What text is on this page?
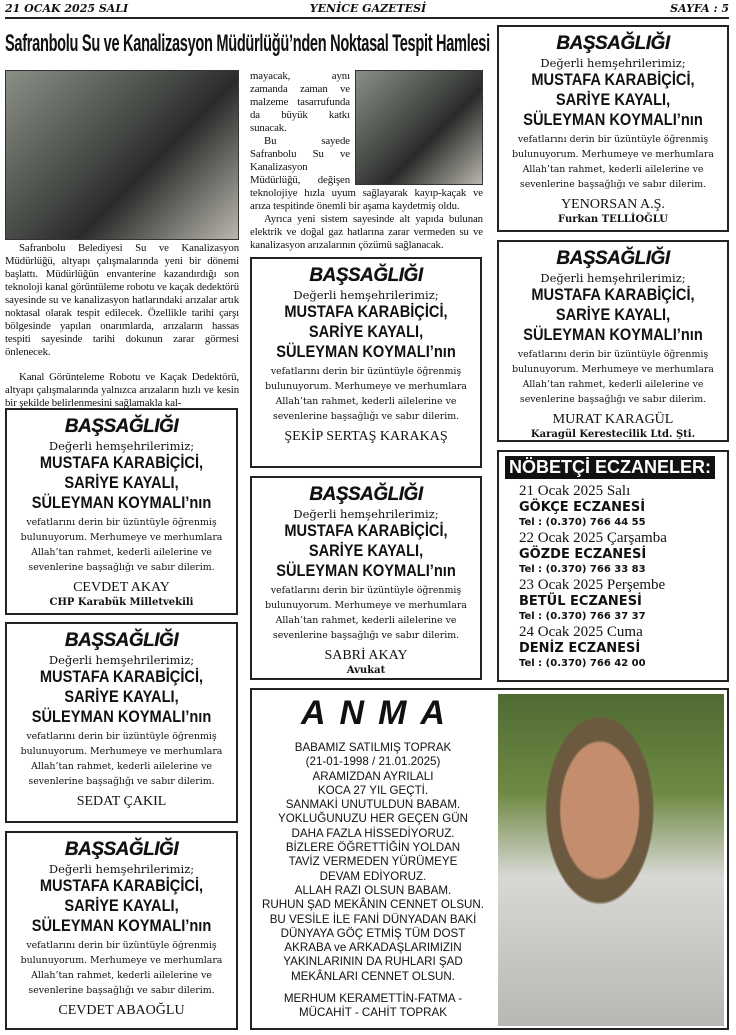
21 OCAK 2025 SALI	YENİCE GAZETESİ	SAYFA : 5
Safranbolu Su ve Kanalizasyon Müdürlüğü’nden Noktasal Tespit Hamlesi

Safranbolu Belediyesi Su ve Kanalizasyon Müdürlüğü, altyapı çalışmalarında yeni bir dönemi başlattı. Müdürlüğün envanterine kazandırdığı son teknoloji kanal görüntüleme robotu ve kaçak dedektörü sayesinde su ve kanalizasyon hatlarındaki arızalar artık noktasal olarak tespit edilecek. Özellikle tarihi çarşı bölgesinde yapılan onarımlarda, arızaların hassas tespiti sayesinde tarihi dokunun zarar görmesi önlenecek.

Kanal Görünteleme Robotu ve Kaçak Dedektörü, altyapı çalışmalarında yalnızca arızaların hızlı ve kesin bir şekilde belirlenmesini sağlamakla kal-

mayacak, aynı zamanda zaman ve malzeme tasarrufunda da büyük katkı sunacak.

Bu sayede Safranbolu Su ve Kanalizasyon Müdürlüğü, değişen teknolojiye hızla uyum sağlayarak kayıp-kaçak ve arıza tespitinde önemli bir aşama kaydetmiş oldu.

Ayrıca yeni sistem sayesinde alt yapıda bulunan elektrik ve doğal gaz hatlarına zarar vermeden su ve kanalizasyon arızalarının çözümü sağlanacak.

BAŞSAĞLIĞI
Değerli hemşehrilerimiz;
MUSTAFA KARABİÇİCİ,
SARİYE KAYALI,
SÜLEYMAN KOYMALI’nın
vefatlarını derin bir üzüntüyle öğrenmiş
bulunuyorum. Merhumeye ve merhumlara
Allah’tan rahmet, kederli ailelerine ve
sevenlerine başsağlığı ve sabır dilerim.
YENORSAN A.Ş.
Furkan TELLİOĞLU
BAŞSAĞLIĞI
Değerli hemşehrilerimiz;
MUSTAFA KARABİÇİCİ,
SARİYE KAYALI,
SÜLEYMAN KOYMALI’nın
vefatlarını derin bir üzüntüyle öğrenmiş
bulunuyorum. Merhumeye ve merhumlara
Allah’tan rahmet, kederli ailelerine ve
sevenlerine başsağlığı ve sabır dilerim.
MURAT KARAGÜL
Karagül Kerestecilik Ltd. Şti.
BAŞSAĞLIĞI
Değerli hemşehrilerimiz;
MUSTAFA KARABİÇİCİ,
SARİYE KAYALI,
SÜLEYMAN KOYMALI’nın
vefatlarını derin bir üzüntüyle öğrenmiş
bulunuyorum. Merhumeye ve merhumlara
Allah’tan rahmet, kederli ailelerine ve
sevenlerine başsağlığı ve sabır dilerim.
ŞEKİP SERTAŞ KARAKAŞ
BAŞSAĞLIĞI
Değerli hemşehrilerimiz;
MUSTAFA KARABİÇİCİ,
SARİYE KAYALI,
SÜLEYMAN KOYMALI’nın
vefatlarını derin bir üzüntüyle öğrenmiş
bulunuyorum. Merhumeye ve merhumlara
Allah’tan rahmet, kederli ailelerine ve
sevenlerine başsağlığı ve sabır dilerim.
SABRİ AKAY
Avukat
BAŞSAĞLIĞI
Değerli hemşehrilerimiz;
MUSTAFA KARABİÇİCİ,
SARİYE KAYALI,
SÜLEYMAN KOYMALI’nın
vefatlarını derin bir üzüntüyle öğrenmiş
bulunuyorum. Merhumeye ve merhumlara
Allah’tan rahmet, kederli ailelerine ve
sevenlerine başsağlığı ve sabır dilerim.
CEVDET AKAY
CHP Karabük Milletvekili
BAŞSAĞLIĞI
Değerli hemşehrilerimiz;
MUSTAFA KARABİÇİCİ,
SARİYE KAYALI,
SÜLEYMAN KOYMALI’nın
vefatlarını derin bir üzüntüyle öğrenmiş
bulunuyorum. Merhumeye ve merhumlara
Allah’tan rahmet, kederli ailelerine ve
sevenlerine başsağlığı ve sabır dilerim.
SEDAT ÇAKIL
BAŞSAĞLIĞI
Değerli hemşehrilerimiz;
MUSTAFA KARABİÇİCİ,
SARİYE KAYALI,
SÜLEYMAN KOYMALI’nın
vefatlarını derin bir üzüntüyle öğrenmiş
bulunuyorum. Merhumeye ve merhumlara
Allah’tan rahmet, kederli ailelerine ve
sevenlerine başsağlığı ve sabır dilerim.
CEVDET ABAOĞLU
NÖBETÇİ ECZANELER:
21 Ocak 2025 Salı
GÖKÇE ECZANESİ
Tel : (0.370) 766 44 55
22 Ocak 2025 Çarşamba
GÖZDE ECZANESİ
Tel : (0.370) 766 33 83
23 Ocak 2025 Perşembe
BETÜL ECZANESİ
Tel : (0.370) 766 37 37
24 Ocak 2025 Cuma
DENİZ ECZANESİ
Tel : (0.370) 766 42 00
ANMA
BABAMIZ SATILMIŞ TOPRAK
(21-01-1998 / 21.01.2025)
ARAMIZDAN AYRILALI
KOCA 27 YIL GEÇTİ.
SANMAKİ UNUTULDUN BABAM.
YOKLUĞUNUZU HER GEÇEN GÜN
DAHA FAZLA HİSSEDİYORUZ.
BİZLERE ÖĞRETTİĞİN YOLDAN
TAVİZ VERMEDEN YÜRÜMEYE
DEVAM EDİYORUZ.
ALLAH RAZI OLSUN BABAM.
RUHUN ŞAD MEKÂNIN CENNET OLSUN.
BU VESİLE İLE FANİ DÜNYADAN BAKİ
DÜNYAYA GÖÇ ETMİŞ TÜM DOST
AKRABA ve ARKADAŞLARIMIZIN
YAKINLARININ DA RUHLARI ŞAD
MEKÂNLARI CENNET OLSUN.
MERHUM KERAMETTİN-FATMA -
MÜCAHİT - CAHİT TOPRAK
